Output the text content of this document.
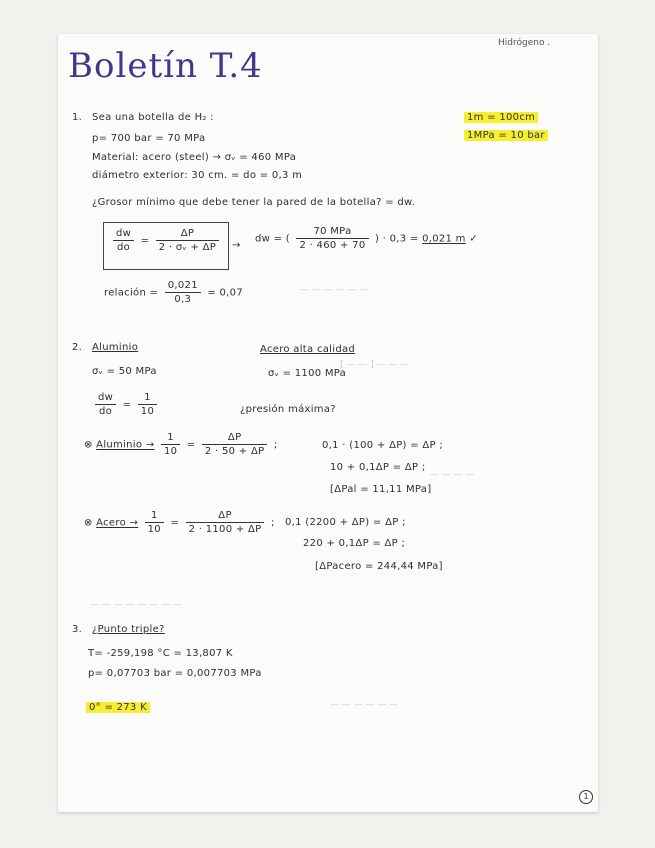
— — — — — —
[ — — ] — — —
— — — —
— — — — — — — —
— — — — — —
Boletín T.4
Hidrógeno .
1. Sea una botella de H₂ :
p= 700 bar = 70 MPa
Material: acero (steel) → σᵥ = 460 MPa
diámetro exterior: 30 cm. = do = 0,3 m
¿Grosor mínimo que debe tener la pared de la botella? = dw.
1m = 100cm
1MPa = 10 bar
$\frac{dw}{do} = \frac{\Delta P}{\text{2 · σᵥ + ΔP}}$ →
dw = ( $\frac{\text{70 MPa}}{2 \cdot 460 + 70}$ ) · 0,3 = 0,021 m ✓
relación = $\frac{0,021}{0,3} = 0,07$
2. Aluminio
σᵥ = 50 MPa
Acero alta calidad
σᵥ = 1100 MPa
$\frac{dw}{do} = \frac{1}{10}$	¿presión máxima?
⊗ Aluminio → $\frac{1}{10} = \frac{\Delta P}{2 \cdot 50 + \Delta P}$ ;	0,1 · (100 + ΔP) = ΔP ;
10 + 0,1ΔP = ΔP ;
[ΔPal = 11,11 MPa]
⊗ Acero → $\frac{1}{10} = \frac{\Delta P}{2 \cdot 1100 + \Delta P}$ ; 0,1 (2200 + ΔP) = ΔP ;
220 + 0,1ΔP = ΔP ;
[ΔPacero = 244,44 MPa]
3. ¿Punto triple?
T= -259,198 °C = 13,807 K
p= 0,07703 bar = 0,007703 MPa
0° = 273 K
1
